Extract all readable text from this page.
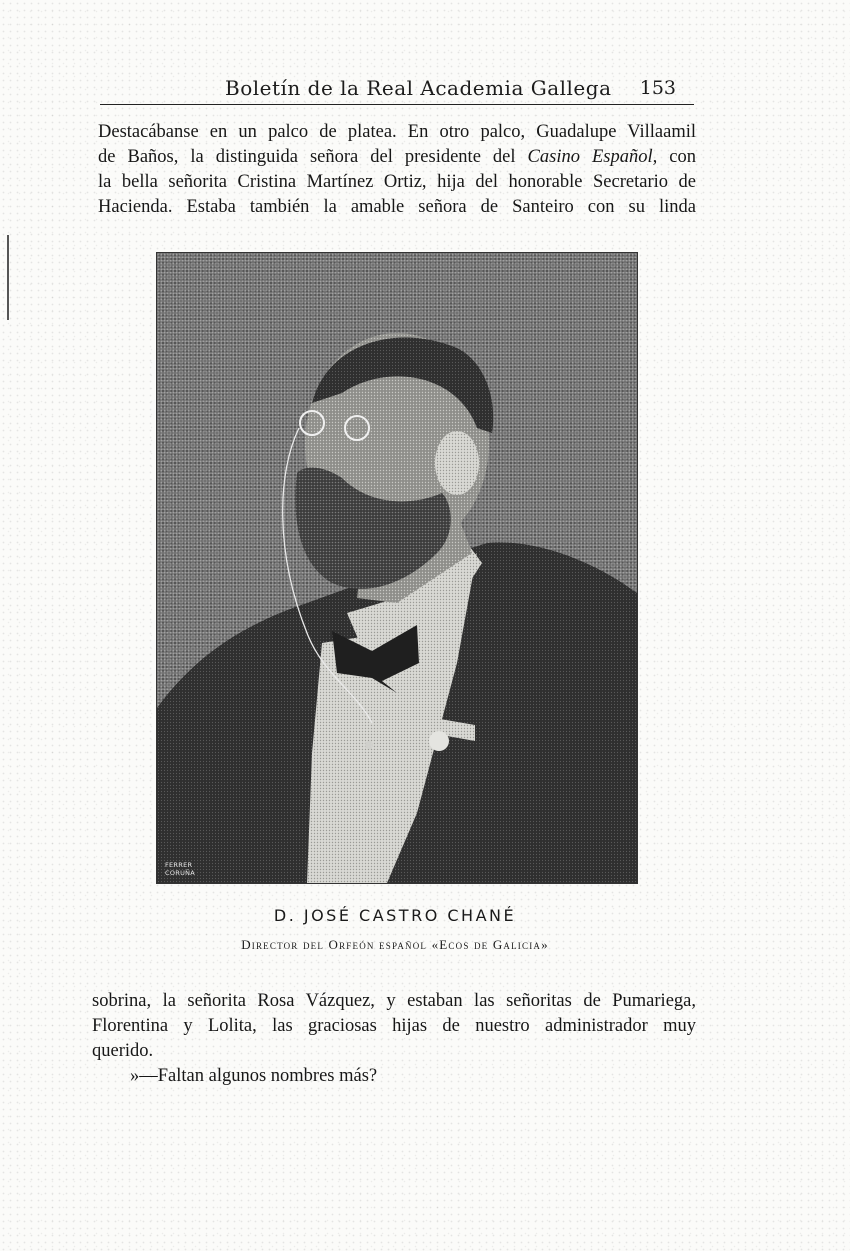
Boletín de la Real Academia Gallega 153
Destacábanse en un palco de platea. En otro palco, Guadalupe Villaamil
de Baños, la distinguida señora del presidente del Casino Español, con
la bella señorita Cristina Martínez Ortiz, hija del honorable Secretario de
Hacienda. Estaba también la amable señora de Santeiro con su linda
FERRER
CORUÑA
D. JOSÉ CASTRO CHANÉ
Director del Orfeón español «Ecos de Galicia»
sobrina, la señorita Rosa Vázquez, y estaban las señoritas de Pumariega,
Florentina y Lolita, las graciosas hijas de nuestro administrador muy
querido.
»—Faltan algunos nombres más?
